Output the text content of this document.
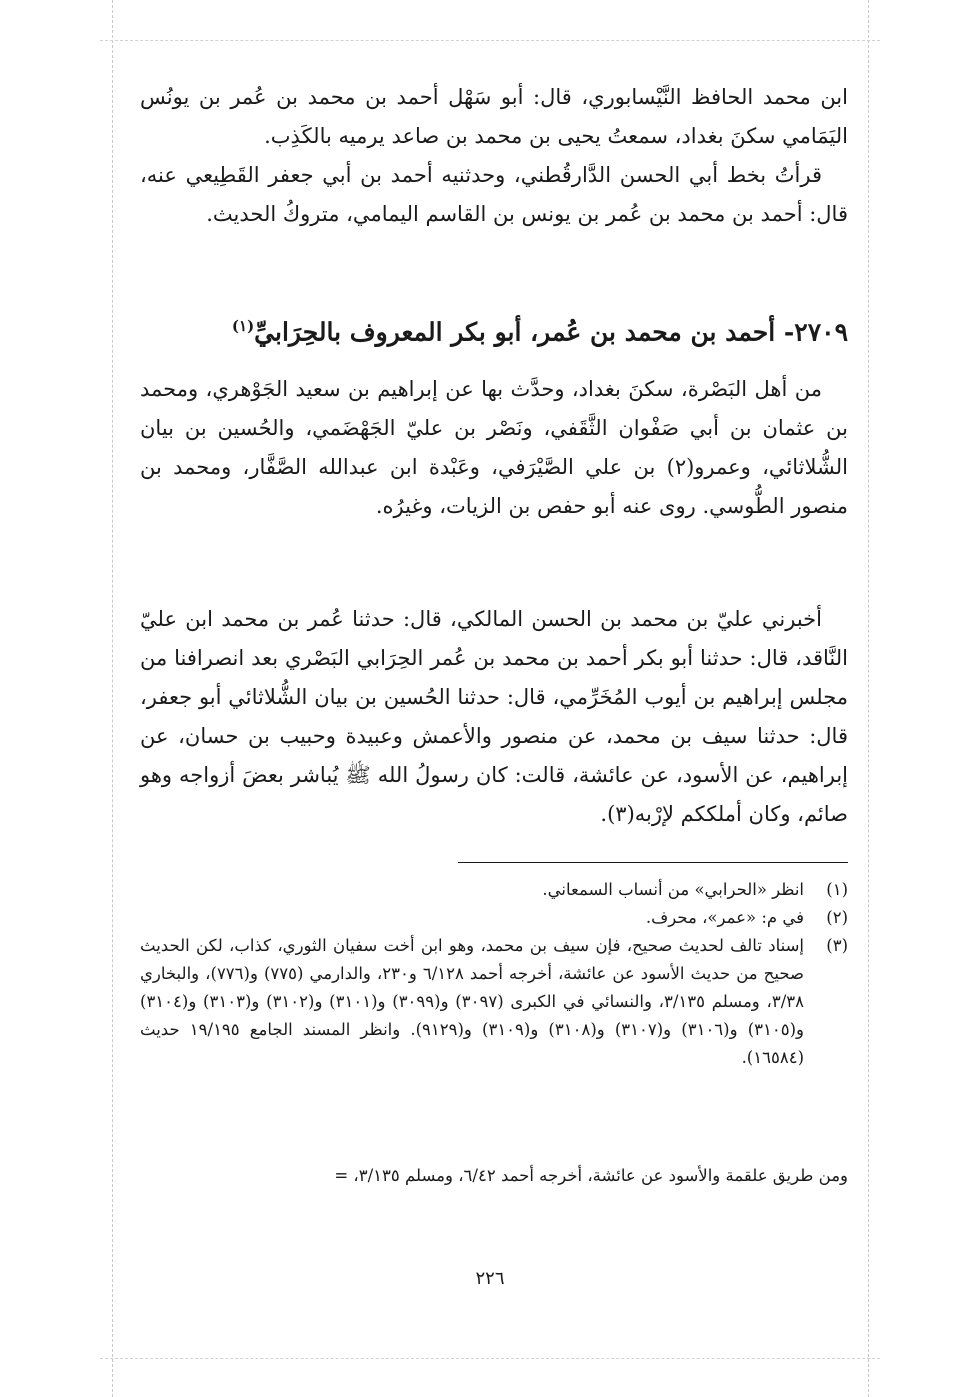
ابن محمد الحافظ النَّيْسابوري، قال: أبو سَهْل أحمد بن محمد بن عُمر بن يونُس اليَمَامي سكنَ بغداد، سمعتُ يحيى بن محمد بن صاعد يرميه بالكَذِب.

قرأتُ بخط أبي الحسن الدَّارقُطني، وحدثنيه أحمد بن أبي جعفر القَطِيعي عنه، قال: أحمد بن محمد بن عُمر بن يونس بن القاسم اليمامي، متروكُ الحديث.

٢٧٠٩- أحمد بن محمد بن عُمر، أبو بكر المعروف بالحِرَابيِّ$^{(١)}$

من أهل البَصْرة، سكنَ بغداد، وحدَّث بها عن إبراهيم بن سعيد الجَوْهري، ومحمد بن عثمان بن أبي صَفْوان الثَّقَفي، ونَصْر بن عليّ الجَهْضَمي، والحُسين بن بيان الشُّلاثائي، وعمرو(٢) بن علي الصَّيْرَفي، وعَبْدة ابن عبدالله الصَّفَّار، ومحمد بن منصور الطُّوسي. روى عنه أبو حفص بن الزيات، وغيرُه.

أخبرني عليّ بن محمد بن الحسن المالكي، قال: حدثنا عُمر بن محمد ابن عليّ النَّاقد، قال: حدثنا أبو بكر أحمد بن محمد بن عُمر الحِرَابي البَصْري بعد انصرافنا من مجلس إبراهيم بن أيوب المُخَرِّمي، قال: حدثنا الحُسين بن بيان الشُّلاثائي أبو جعفر، قال: حدثنا سيف بن محمد، عن منصور والأعمش وعبيدة وحبيب بن حسان، عن إبراهيم، عن الأسود، عن عائشة، قالت: كان رسولُ الله ﷺ يُباشر بعضَ أزواجه وهو صائم، وكان أملككم لإرْبه(٣).

(١)
انظر «الحرابي» من أنساب السمعاني.
(٢)
في م: «عمر»، محرف.
(٣)
إسناد تالف لحديث صحيح، فإن سيف بن محمد، وهو ابن أخت سفيان الثوري، كذاب، لكن الحديث صحيح من حديث الأسود عن عائشة، أخرجه أحمد ٦/١٢٨ و٢٣٠، والدارمي (٧٧٥) و(٧٧٦)، والبخاري ٣/٣٨، ومسلم ٣/١٣٥، والنسائي في الكبرى (٣٠٩٧) و(٣٠٩٩) و(٣١٠١) و(٣١٠٢) و(٣١٠٣) و(٣١٠٤) و(٣١٠٥) و(٣١٠٦) و(٣١٠٧) و(٣١٠٨) و(٣١٠٩) و(٩١٢٩). وانظر المسند الجامع ١٩/١٩٥ حديث (١٦٥٨٤).
ومن طريق علقمة والأسود عن عائشة، أخرجه أحمد ٦/٤٢، ومسلم ٣/١٣٥، =
٢٢٦
